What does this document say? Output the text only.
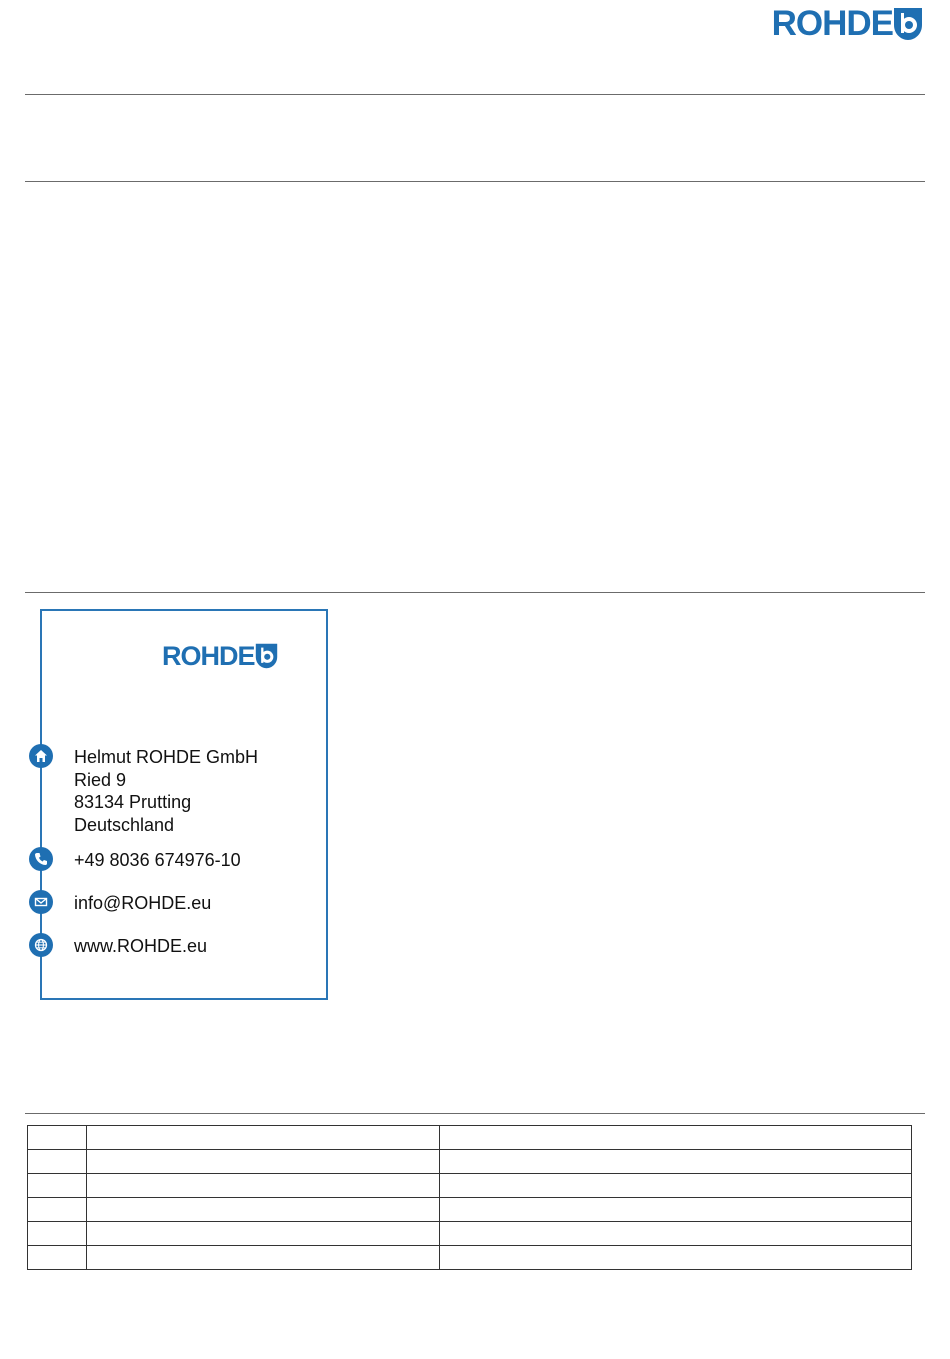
ROHDE
ROHDE
Helmut ROHDE GmbH
Ried 9
83134 Prutting
Deutschland
+49 8036 674976-10
info@ROHDE.eu
www.ROHDE.eu
